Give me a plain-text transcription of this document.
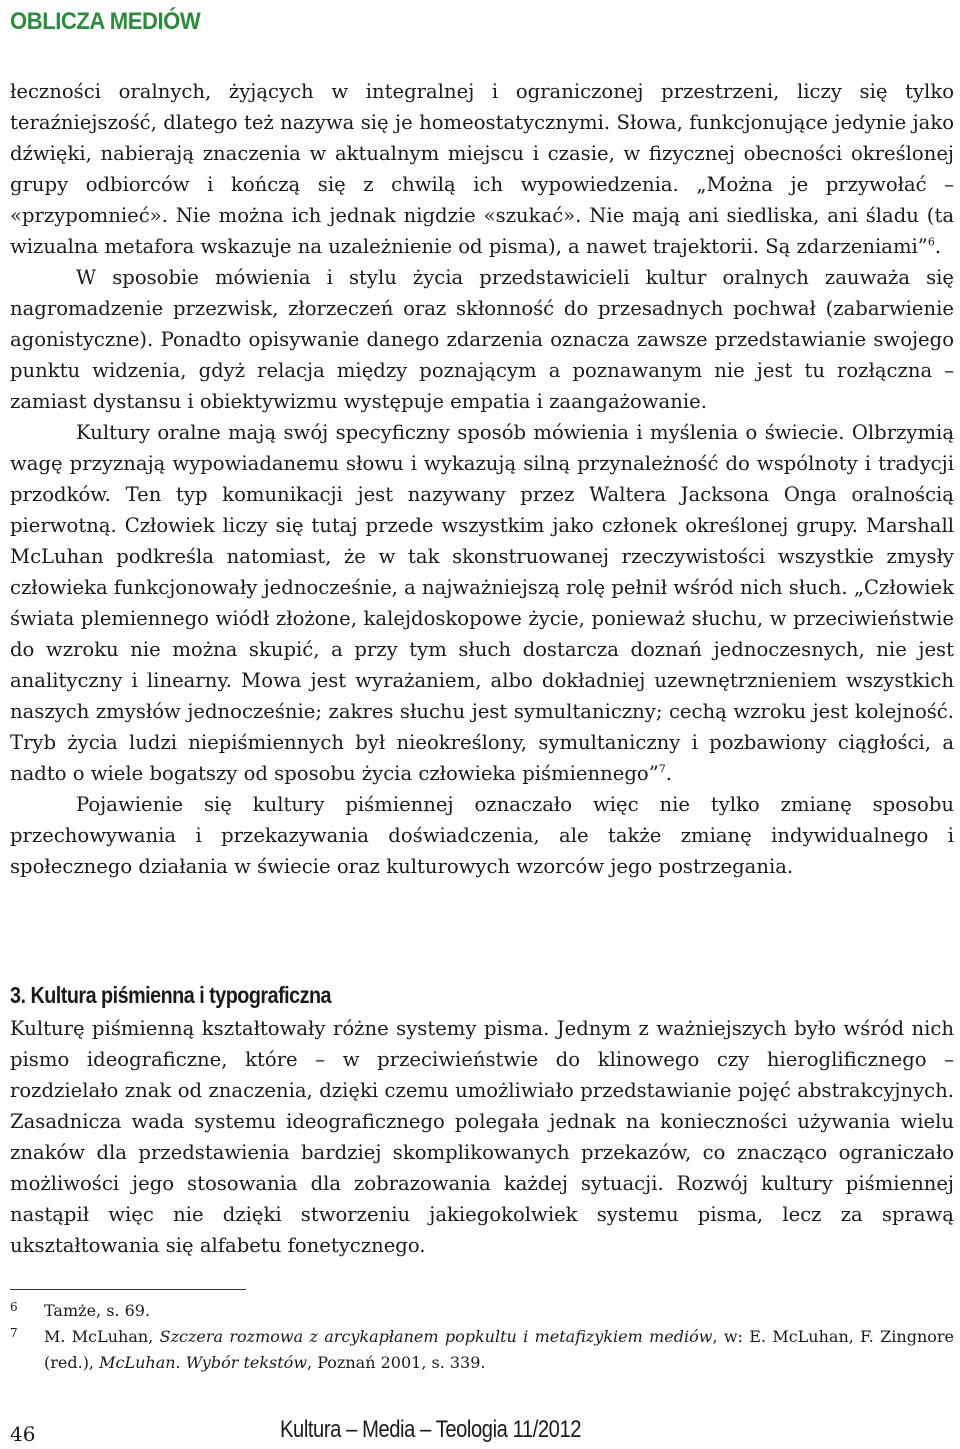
OBLICZA MEDIÓW

łeczności oralnych, żyjących w integralnej i ograniczonej przestrzeni, liczy się tylko teraźniejszość, dlatego też nazywa się je homeostatycznymi. Słowa, funkcjonujące jedynie jako dźwięki, nabierają znaczenia w aktualnym miejscu i czasie, w fizycznej obecności określonej grupy odbiorców i kończą się z chwilą ich wypowiedzenia. „Można je przywołać – «przypomnieć». Nie można ich jednak nigdzie «szukać». Nie mają ani siedliska, ani śladu (ta wizualna metafora wskazuje na uzależnienie od pisma), a nawet trajektorii. Są zdarzeniami”$^6$.

W sposobie mówienia i stylu życia przedstawicieli kultur oralnych zauważa się nagromadzenie przezwisk, złorzeczeń oraz skłonność do przesadnych pochwał (zabarwienie agonistyczne). Ponadto opisywanie danego zdarzenia oznacza zawsze przedstawianie swojego punktu widzenia, gdyż relacja między poznającym a poznawanym nie jest tu rozłączna – zamiast dystansu i obiektywizmu występuje empatia i zaangażowanie.

Kultury oralne mają swój specyficzny sposób mówienia i myślenia o świecie. Olbrzymią wagę przyznają wypowiadanemu słowu i wykazują silną przynależność do wspólnoty i tradycji przodków. Ten typ komunikacji jest nazywany przez Waltera Jacksona Onga oralnością pierwotną. Człowiek liczy się tutaj przede wszystkim jako członek określonej grupy. Marshall McLuhan podkreśla natomiast, że w tak skonstruowanej rzeczywistości wszystkie zmysły człowieka funkcjonowały jednocześnie, a najważniejszą rolę pełnił wśród nich słuch. „Człowiek świata plemiennego wiódł złożone, kalejdoskopowe życie, ponieważ słuchu, w przeciwieństwie do wzroku nie można skupić, a przy tym słuch dostarcza doznań jednoczesnych, nie jest analityczny i linearny. Mowa jest wyrażaniem, albo dokładniej uzewnętrznieniem wszystkich naszych zmysłów jednocześnie; zakres słuchu jest symultaniczny; cechą wzroku jest kolejność. Tryb życia ludzi niepiśmiennych był nieokreślony, symultaniczny i pozbawiony ciągłości, a nadto o wiele bogatszy od sposobu życia człowieka piśmiennego”$^7$.

Pojawienie się kultury piśmiennej oznaczało więc nie tylko zmianę sposobu przechowywania i przekazywania doświadczenia, ale także zmianę indywidualnego i społecznego działania w świecie oraz kulturowych wzorców jego postrzegania.

3. Kultura piśmienna i typograficzna

Kulturę piśmienną kształtowały różne systemy pisma. Jednym z ważniejszych było wśród nich pismo ideograficzne, które – w przeciwieństwie do klinowego czy hieroglificznego – rozdzielało znak od znaczenia, dzięki czemu umożliwiało przedstawianie pojęć abstrakcyjnych. Zasadnicza wada systemu ideograficznego polegała jednak na konieczności używania wielu znaków dla przedstawienia bardziej skomplikowanych przekazów, co znacząco ograniczało możliwości jego stosowania dla zobrazowania każdej sytuacji. Rozwój kultury piśmiennej nastąpił więc nie dzięki stworzeniu jakiegokolwiek systemu pisma, lecz za sprawą ukształtowania się alfabetu fonetycznego.

6 Tamże, s. 69.
7 M. McLuhan, Szczera rozmowa z arcykapłanem popkultu i metafizykiem mediów, w: E. McLuhan, F. Zingnore (red.), McLuhan. Wybór tekstów, Poznań 2001, s. 339.
46	Kultura – Media – Teologia 11/2012
